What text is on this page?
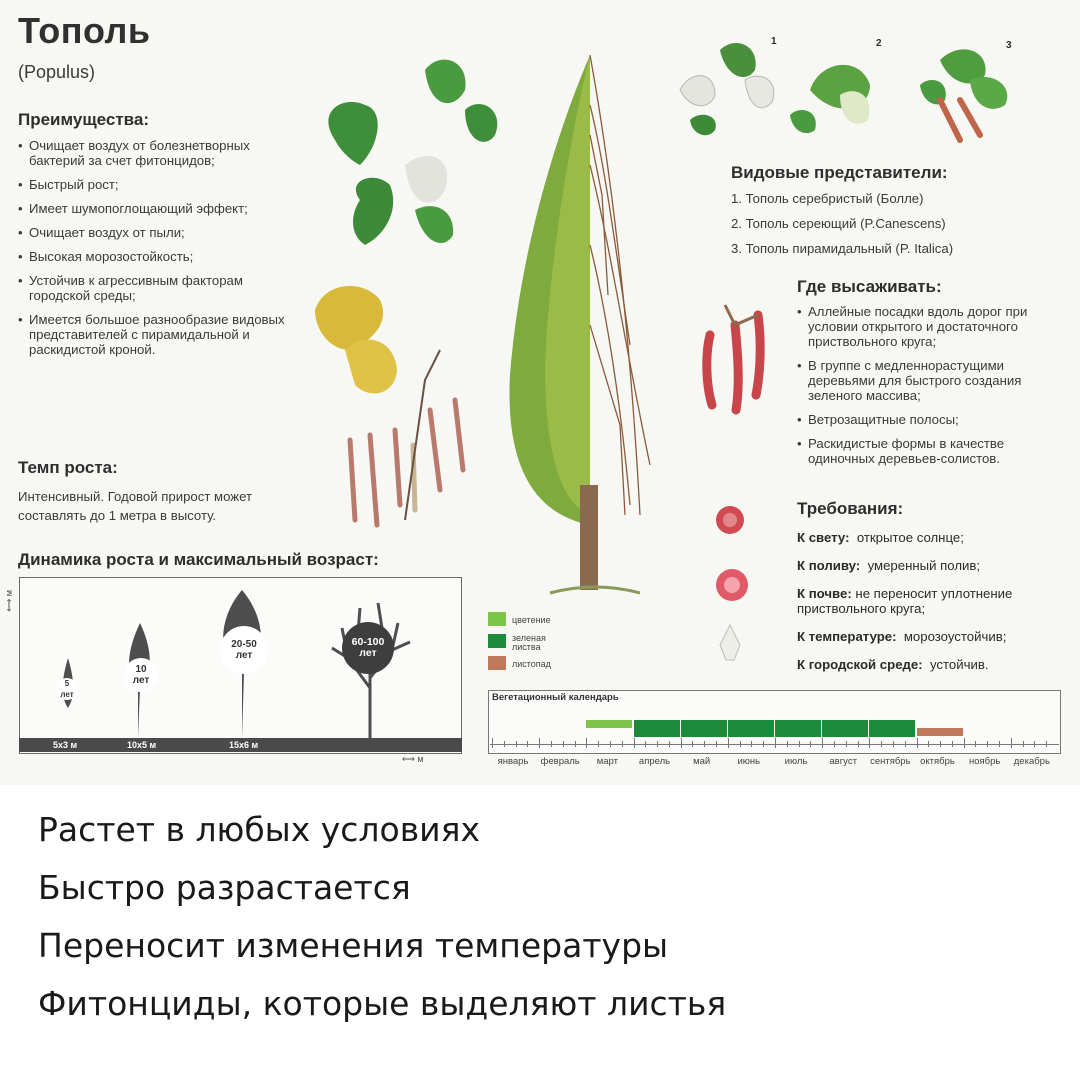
Тополь
(Populus)
Преимущества:
• Очищает воздух от болезнетворных бактерий за счет фитонцидов;
• Быстрый рост;
• Имеет шумопоглощающий эффект;
• Очищает воздух от пыли;
• Высокая морозостойкость;
• Устойчив к агрессивным факторам городской среды;
• Имеется большое разнообразие видовых представителей с пирамидальной и раскидистой кроной.
Темп роста:
Интенсивный. Годовой прирост может составлять до 1 метра в высоту.
Динамика роста и максимальный возраст:
⟷ м
5
лет
10
лет
20-50
лет
60-100
лет
5х3 м	10х5 м	15х6 м
⟷ м
1	2	3
Видовые представители:
1. Тополь серебристый (Болле)
2. Тополь сереющий (P.Canescens)
3. Тополь пирамидальный (P. Italica)
Где высаживать:
• Аллейные посадки вдоль дорог при условии открытого и достаточного приствольного круга;
• В группе с медленнорастущими деревьями для быстрого создания зеленого массива;
• Ветрозащитные полосы;
• Раскидистые формы в качестве одиночных деревьев-солистов.
Требования:
К свету: открытое солнце;
К поливу: умеренный полив;
К почве: не переносит уплотнение приствольного круга;
К температуре: морозоустойчив;
К городской среде: устойчив.
цветение
зеленая листва
листопад
Вегетационный календарь
январь	февраль	март	апрель	май	июнь	июль	август	сентябрь	октябрь	ноябрь	декабрь
Растет в любых условиях
Быстро разрастается
Переносит изменения температуры
Фитонциды, которые выделяют листья
